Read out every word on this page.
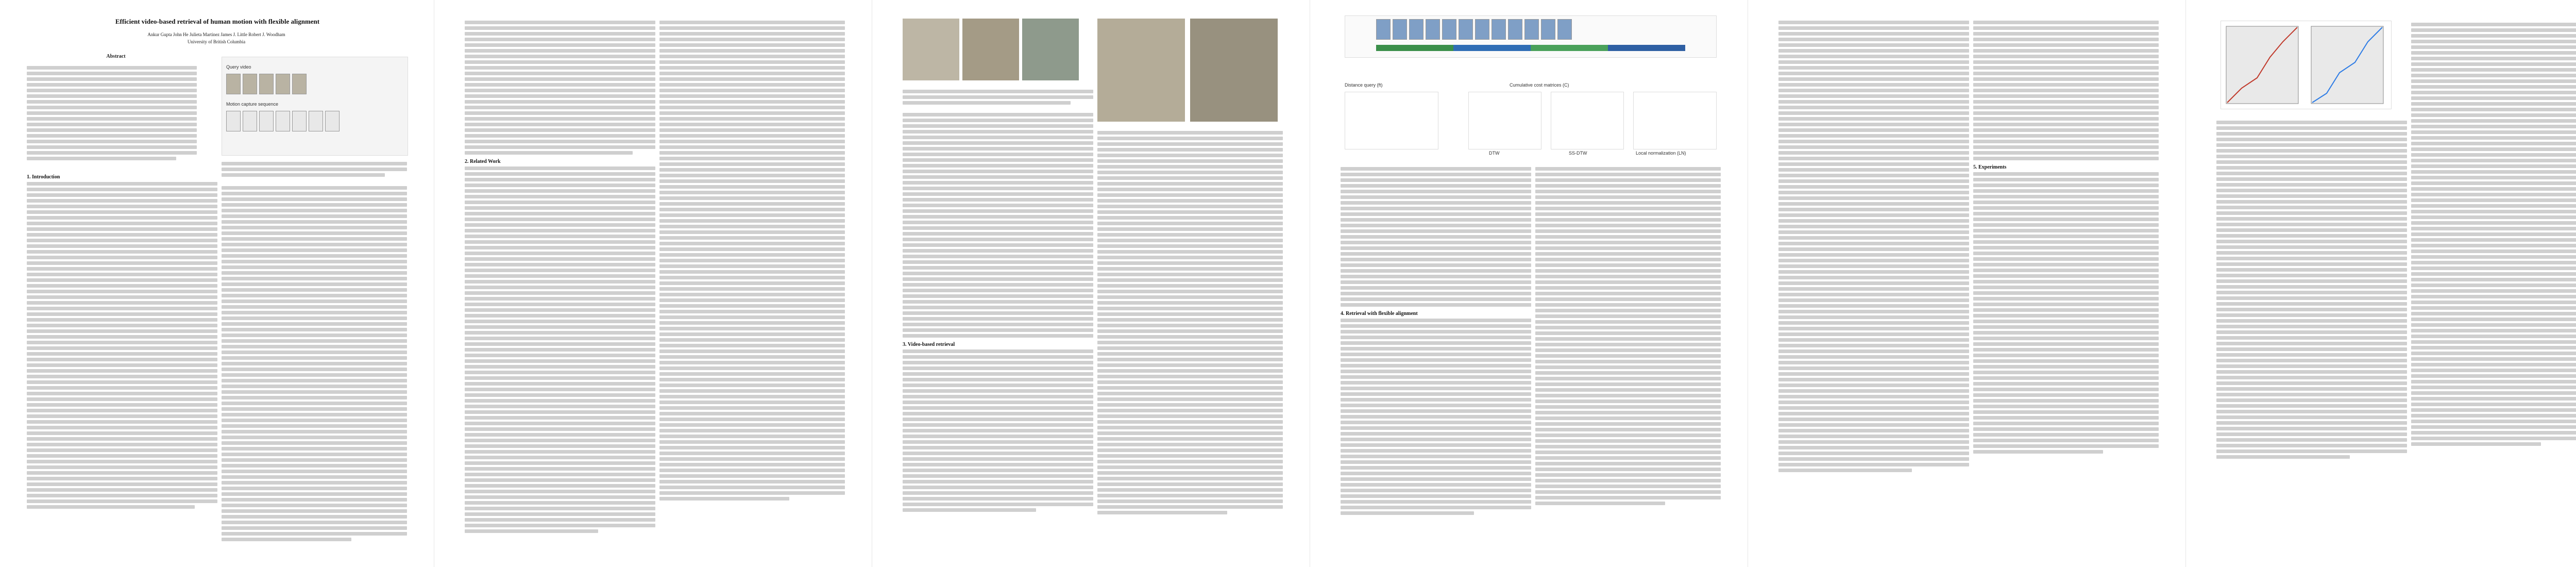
Efficient video-based retrieval of human motion with flexible alignment
Ankur Gupta John He Julieta Martinez James J. Little Robert J. Woodham
University of British Columbia
Abstract
1. Introduction
Query video
Motion capture sequence
2. Related Work
3. Video-based retrieval
Distance query (ft)	Cumulative cost matrices (C)
DTW	SS-DTW	Local normalization (LN)
4. Retrieval with flexible alignment
5. Experiments
